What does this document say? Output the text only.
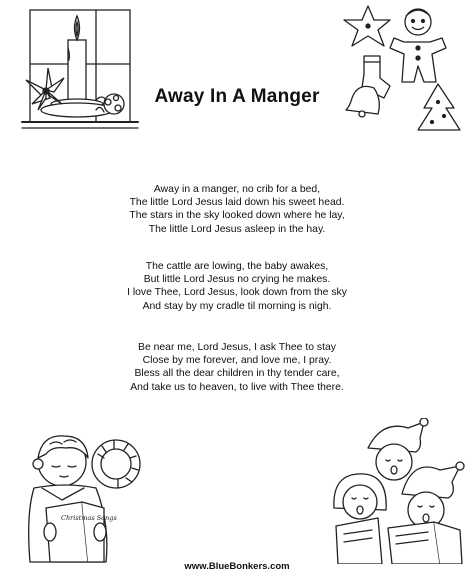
Away In A Manger
Away in a manger, no crib for a bed,
The little Lord Jesus laid down his sweet head.
The stars in the sky looked down where he lay,
The little Lord Jesus asleep in the hay.
The cattle are lowing, the baby awakes,
But little Lord Jesus no crying he makes.
I love Thee, Lord Jesus, look down from the sky
And stay by my cradle til morning is nigh.
Be near me, Lord Jesus, I ask Thee to stay
Close by me forever, and love me, I pray.
Bless all the dear children in thy tender care,
And take us to heaven, to live with Thee there.
Christmas Songs
www.BlueBonkers.com
